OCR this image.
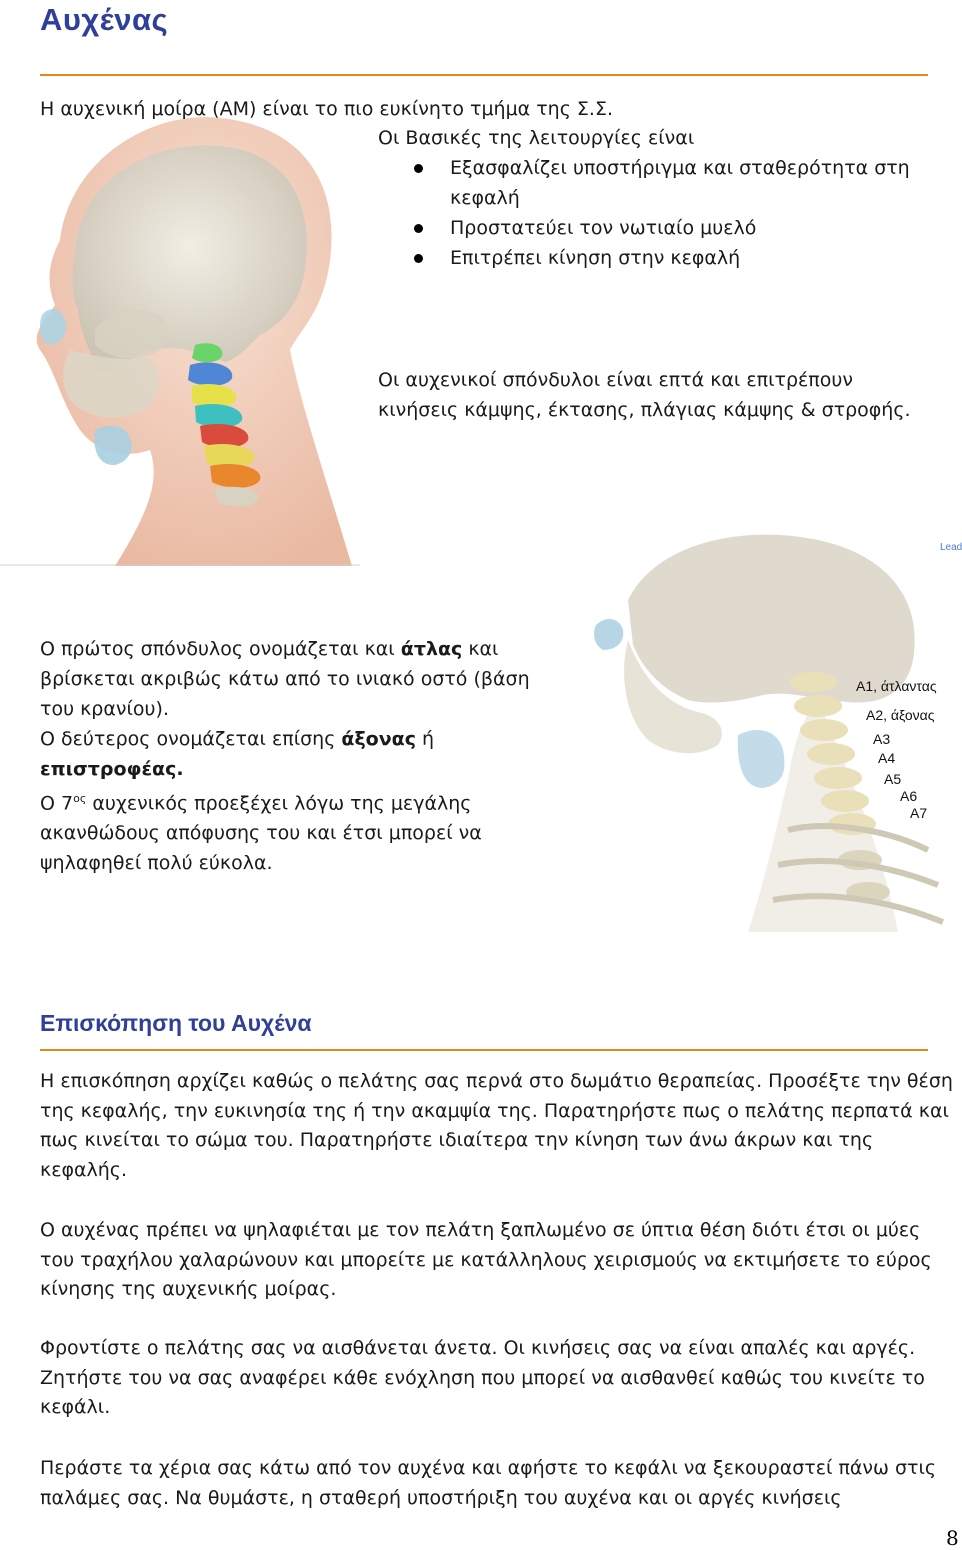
Αυχένας
Η αυχενική μοίρα (ΑΜ) είναι το πιο ευκίνητο τμήμα της Σ.Σ.
Οι Βασικές της λειτουργίες είναι
Εξασφαλίζει υποστήριγμα και σταθερότητα στη κεφαλή
Προστατεύει τον νωτιαίο μυελό
Επιτρέπει κίνηση στην κεφαλή
Οι αυχενικοί σπόνδυλοι είναι επτά και επιτρέπουν κινήσεις κάμψης, έκτασης, πλάγιας κάμψης & στροφής.
Ο πρώτος σπόνδυλος ονομάζεται και άτλας και βρίσκεται ακριβώς κάτω από το ινιακό οστό (βάση του κρανίου).
Ο δεύτερος ονομάζεται επίσης άξονας ή επιστροφέας.
Ο $7^{o\varsigma}$ αυχενικός προεξέχει λόγω της μεγάλης ακανθώδους απόφυσης του και έτσι μπορεί να ψηλαφηθεί πολύ εύκολα.
Lead
A1, άτλαντας
A2, άξονας
A3
A4
A5
A6
A7
Επισκόπηση του Αυχένα
Η επισκόπηση αρχίζει καθώς ο πελάτης σας περνά στο δωμάτιο θεραπείας. Προσέξτε την θέση της κεφαλής, την ευκινησία της ή την ακαμψία της. Παρατηρήστε πως ο πελάτης περπατά και πως κινείται το σώμα του. Παρατηρήστε ιδιαίτερα την κίνηση των άνω άκρων και της κεφαλής.
Ο αυχένας πρέπει να ψηλαφιέται με τον πελάτη ξαπλωμένο σε ύπτια θέση διότι έτσι οι μύες του τραχήλου χαλαρώνουν και μπορείτε με κατάλληλους χειρισμούς να εκτιμήσετε το εύρος κίνησης της αυχενικής μοίρας.
Φροντίστε ο πελάτης σας να αισθάνεται άνετα. Οι κινήσεις σας να είναι απαλές και αργές. Ζητήστε του να σας αναφέρει κάθε ενόχληση που μπορεί να αισθανθεί καθώς του κινείτε το κεφάλι.
Περάστε τα χέρια σας κάτω από τον αυχένα και αφήστε το κεφάλι να ξεκουραστεί πάνω στις παλάμες σας. Να θυμάστε, η σταθερή υποστήριξη του αυχένα και οι αργές κινήσεις
8
